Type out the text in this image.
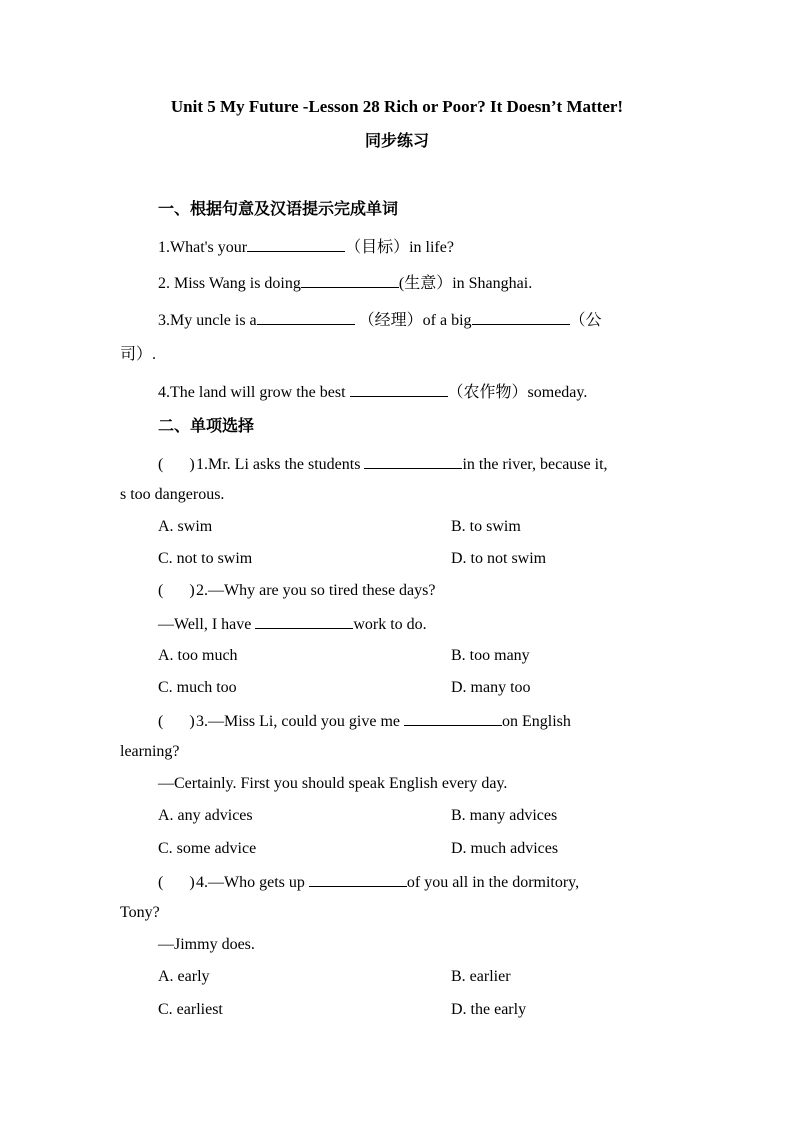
Unit 5 My Future -Lesson 28 Rich or Poor? It Doesn’t Matter!
同步练习
一、根据句意及汉语提示完成单词
1.What's your	（目标）in life?
2. Miss Wang is doing	(生意）in Shanghai.
3.My uncle is a	（经理）of a big	（公
司）.
4.The land will grow the best	（农作物）someday.
二、单项选择
( )1.Mr. Li asks the students	in the river, because it,
s too dangerous.
A. swim	B. to swim
C. not to swim	D. to not swim
( )2.—Why are you so tired these days?
—Well, I have	work to do.
A. too much	B. too many
C. much too	D. many too
( )3.—Miss Li, could you give me	on English
learning?
—Certainly. First you should speak English every day.
A. any advices	B. many advices
C. some advice	D. much advices
( )4.—Who gets up	of you all in the dormitory,
Tony?
—Jimmy does.
A. early	B. earlier
C. earliest	D. the early
